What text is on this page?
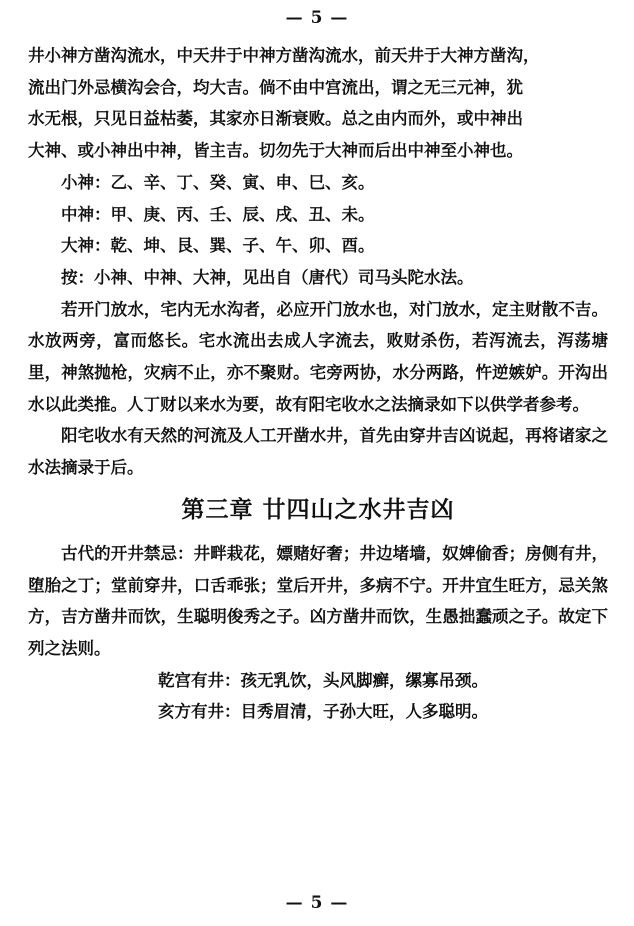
— 5 —

井小神方凿沟流水，中天井于中神方凿沟流水，前天井于大神方凿沟，

流出门外忌横沟会合，均大吉。倘不由中宫流出，谓之无三元神，犹

水无根，只见日益枯萎，其家亦日渐衰败。总之由内而外，或中神出

大神、或小神出中神，皆主吉。切勿先于大神而后出中神至小神也。

小神：乙、辛、丁、癸、寅、申、巳、亥。

中神：甲、庚、丙、壬、辰、戌、丑、未。

大神：乾、坤、艮、巽、子、午、卯、酉。

按：小神、中神、大神，见出自（唐代）司马头陀水法。

若开门放水，宅内无水沟者，必应开门放水也，对门放水，定主财散不吉。水放两旁，富而悠长。宅水流出去成人字流去，败财杀伤，若泻流去，泻荡塘里，神煞抛枪，灾病不止，亦不聚财。宅旁两协，水分两路，忤逆嫉妒。开沟出水以此类推。人丁财以来水为要，故有阳宅收水之法摘录如下以供学者参考。

阳宅收水有天然的河流及人工开凿水井，首先由穿井吉凶说起，再将诸家之水法摘录于后。

第三章 廿四山之水井吉凶

古代的开井禁忌：井畔栽花，嫖赌好奢；井边堵墙，奴婢偷香；房侧有井，堕胎之丁；堂前穿井，口舌乖张；堂后开井，多病不宁。开井宜生旺方，忌关煞方，吉方凿井而饮，生聪明俊秀之子。凶方凿井而饮，生愚拙蠢顽之子。故定下列之法则。

乾宫有井：孩无乳饮，头风脚癣，缧寡吊颈。

亥方有井：目秀眉清，子孙大旺，人多聪明。

— 5 —
